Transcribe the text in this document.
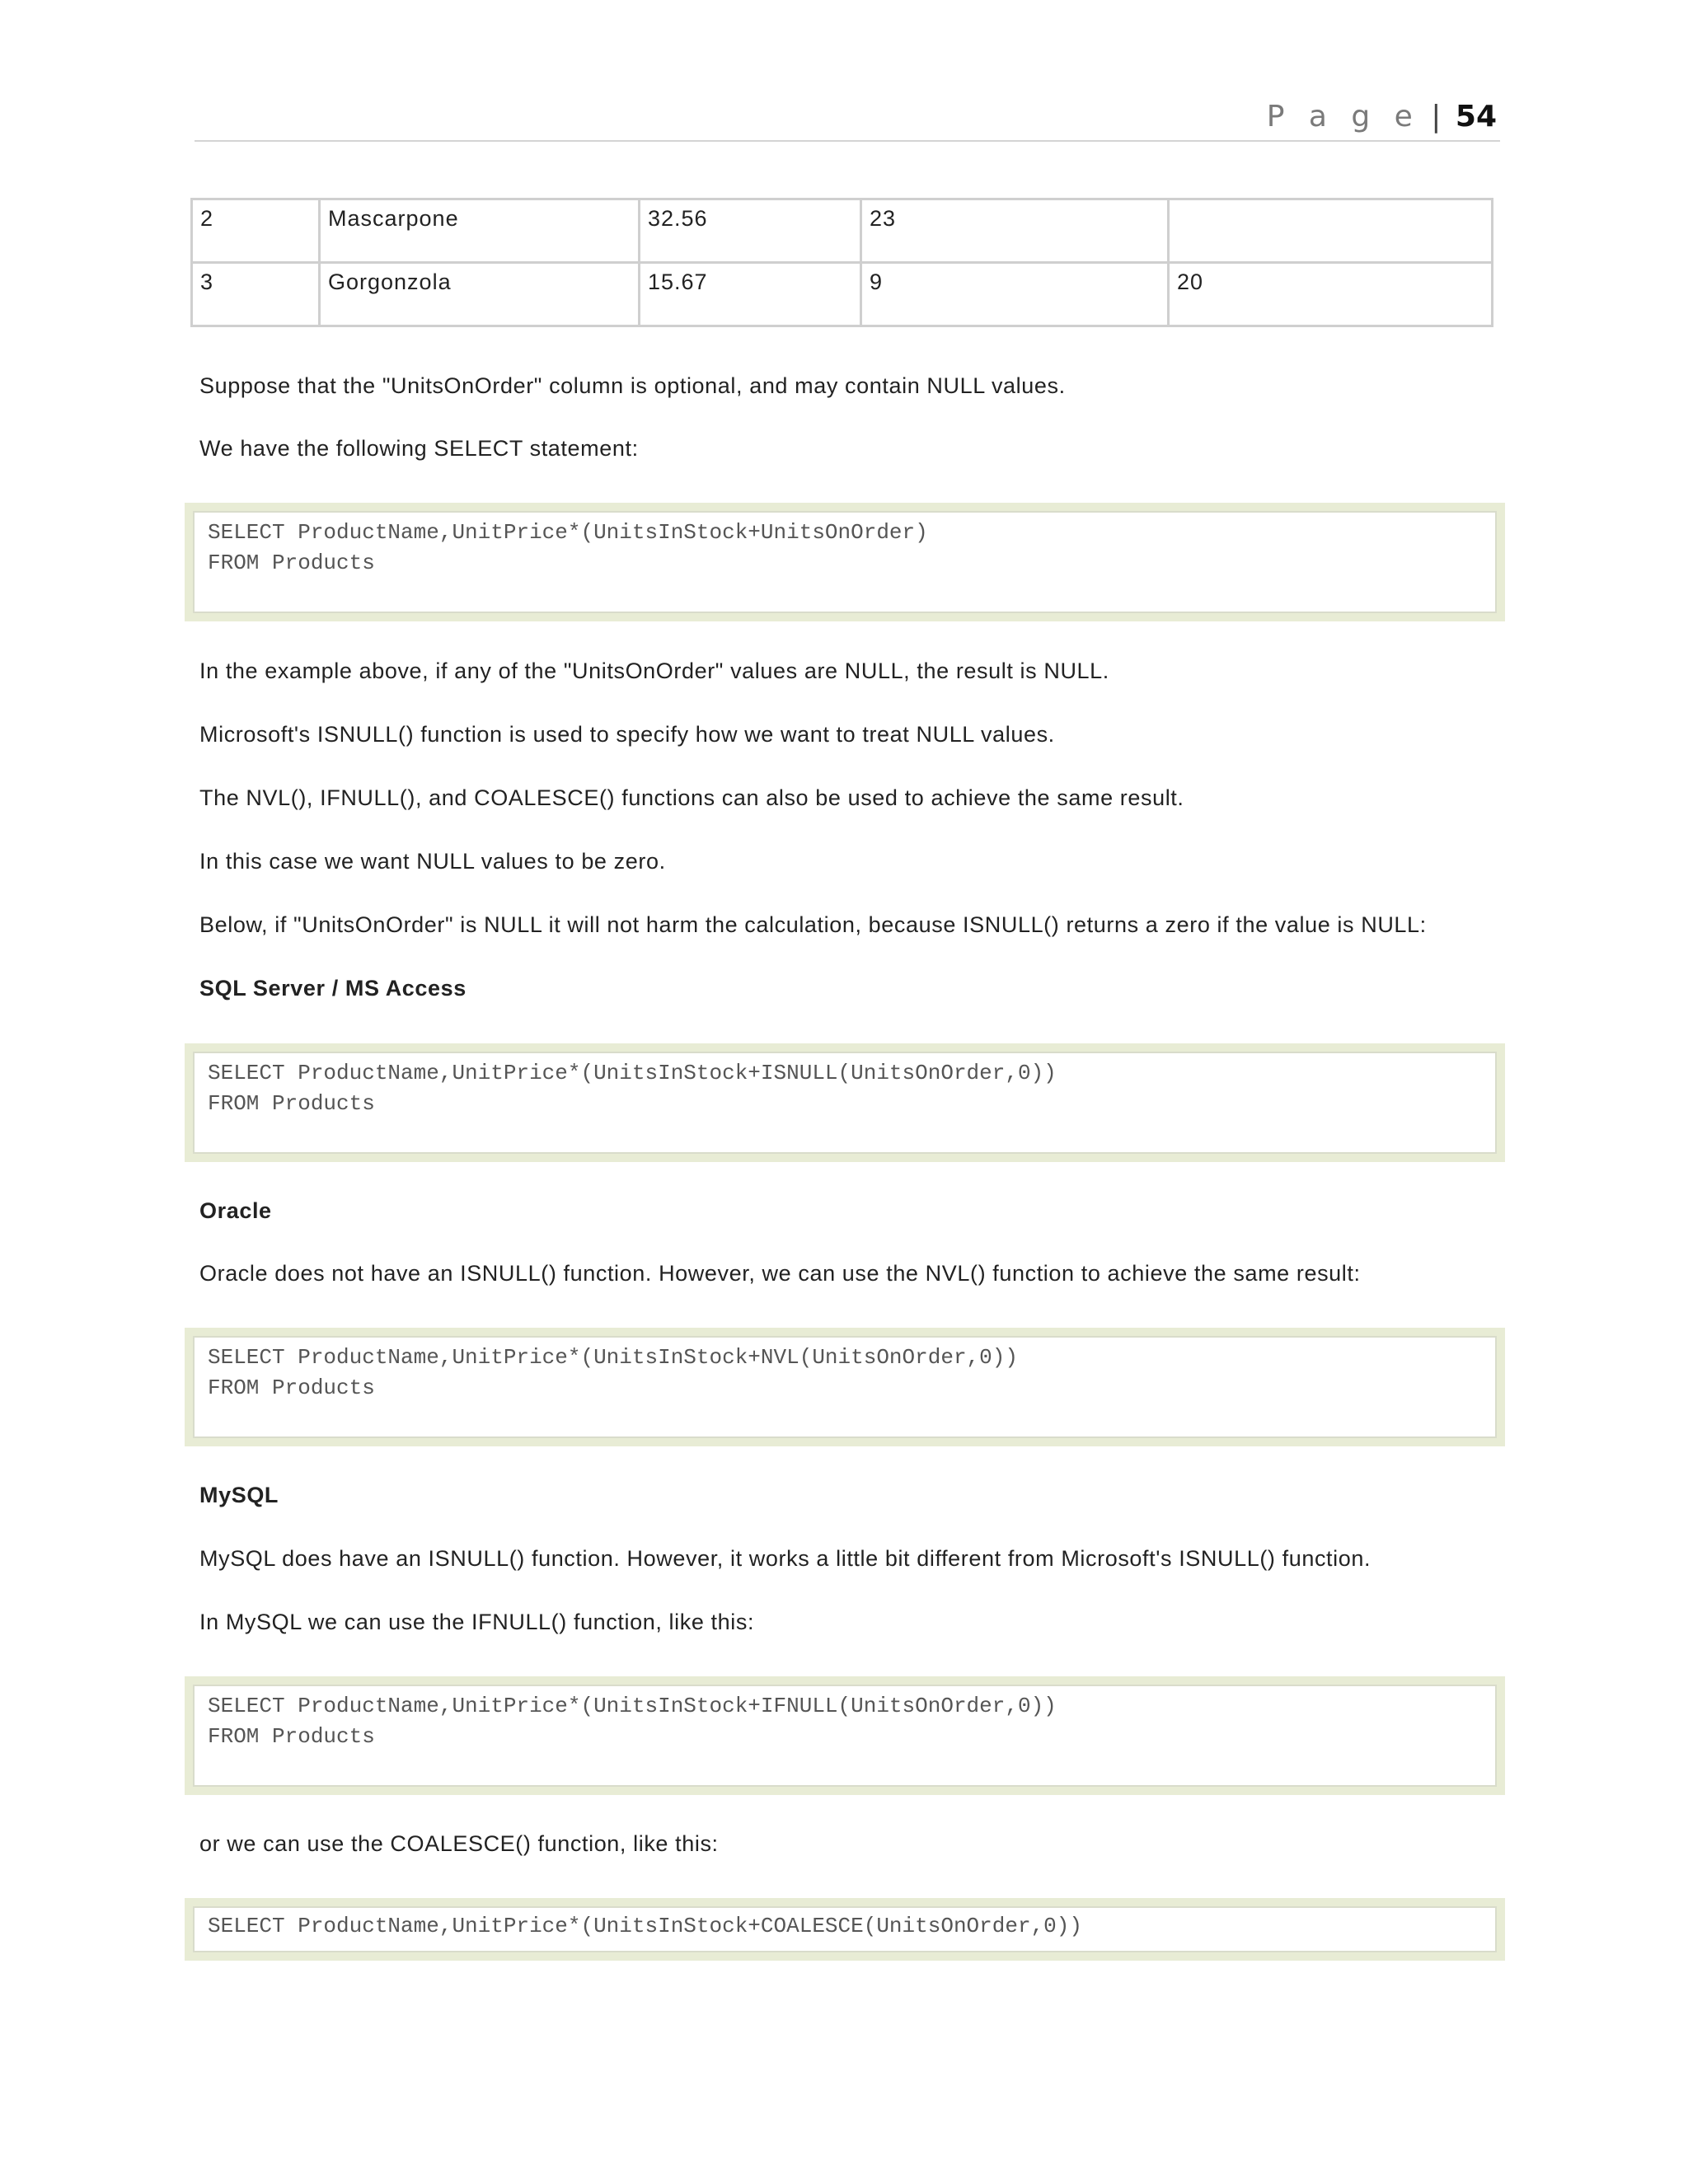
P a g e | 54
2	Mascarpone	32.56	23	
3	Gorgonzola	15.67	9	20
Suppose that the "UnitsOnOrder" column is optional, and may contain NULL values.
We have the following SELECT statement:
SELECT ProductName,UnitPrice*(UnitsInStock+UnitsOnOrder)
FROM Products
In the example above, if any of the "UnitsOnOrder" values are NULL, the result is NULL.
Microsoft's ISNULL() function is used to specify how we want to treat NULL values.
The NVL(), IFNULL(), and COALESCE() functions can also be used to achieve the same result.
In this case we want NULL values to be zero.
Below, if "UnitsOnOrder" is NULL it will not harm the calculation, because ISNULL() returns a zero if the value is NULL:
SQL Server / MS Access
SELECT ProductName,UnitPrice*(UnitsInStock+ISNULL(UnitsOnOrder,0))
FROM Products
Oracle
Oracle does not have an ISNULL() function. However, we can use the NVL() function to achieve the same result:
SELECT ProductName,UnitPrice*(UnitsInStock+NVL(UnitsOnOrder,0))
FROM Products
MySQL
MySQL does have an ISNULL() function. However, it works a little bit different from Microsoft's ISNULL() function.
In MySQL we can use the IFNULL() function, like this:
SELECT ProductName,UnitPrice*(UnitsInStock+IFNULL(UnitsOnOrder,0))
FROM Products
or we can use the COALESCE() function, like this:
SELECT ProductName,UnitPrice*(UnitsInStock+COALESCE(UnitsOnOrder,0))
